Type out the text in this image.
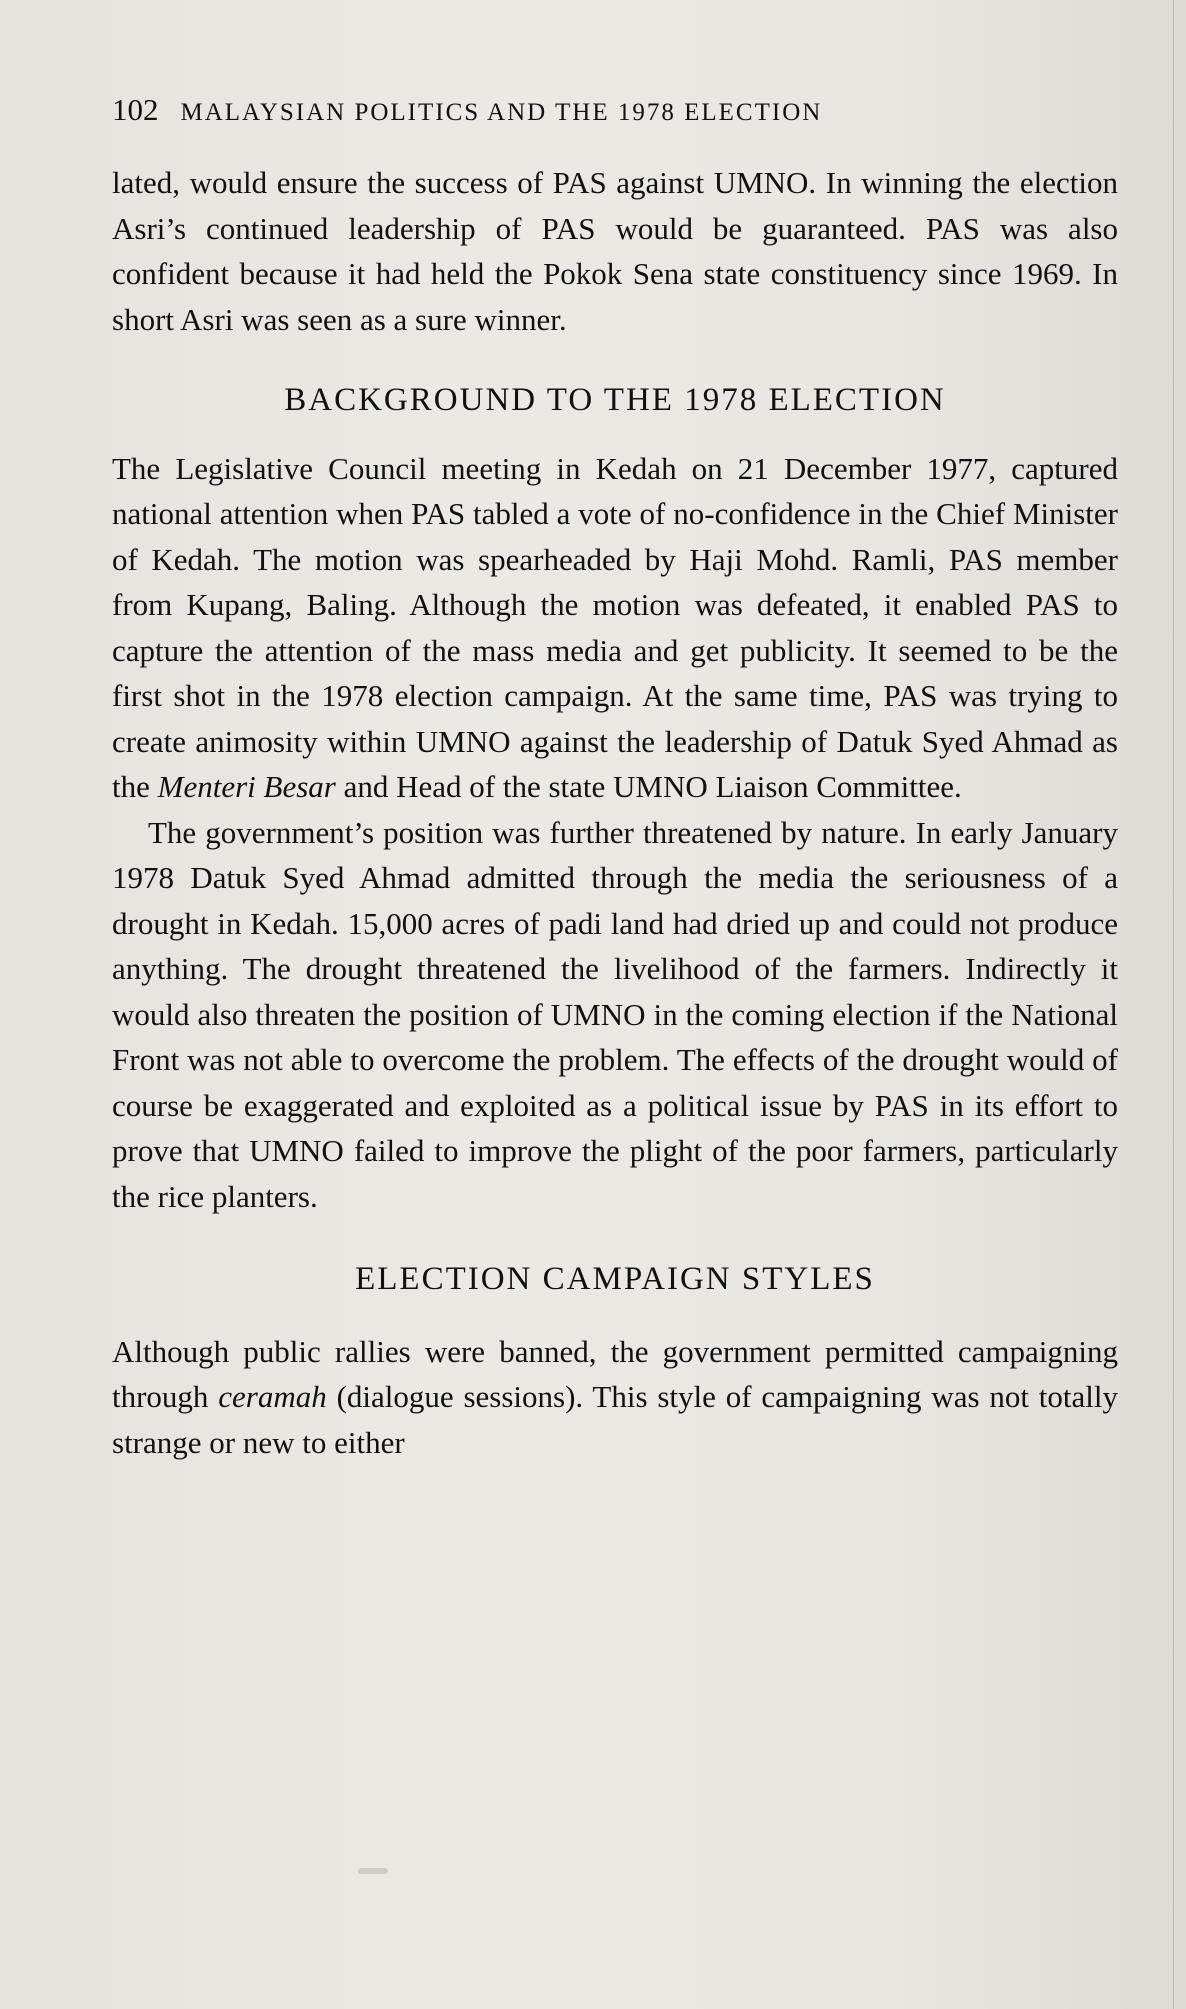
102 MALAYSIAN POLITICS AND THE 1978 ELECTION

lated, would ensure the success of PAS against UMNO. In winning the election Asri’s continued leadership of PAS would be guaranteed. PAS was also confident because it had held the Pokok Sena state constituency since 1969. In short Asri was seen as a sure winner.

BACKGROUND TO THE 1978 ELECTION

The Legislative Council meeting in Kedah on 21 December 1977, captured national attention when PAS tabled a vote of no-confidence in the Chief Minister of Kedah. The motion was spearheaded by Haji Mohd. Ramli, PAS member from Kupang, Baling. Although the motion was defeated, it enabled PAS to capture the attention of the mass media and get publicity. It seemed to be the first shot in the 1978 election campaign. At the same time, PAS was trying to create animosity within UMNO against the leadership of Datuk Syed Ahmad as the Menteri Besar and Head of the state UMNO Liaison Committee.

The government’s position was further threatened by nature. In early January 1978 Datuk Syed Ahmad admitted through the media the seriousness of a drought in Kedah. 15,000 acres of padi land had dried up and could not produce anything. The drought threatened the livelihood of the farmers. Indirectly it would also threaten the position of UMNO in the coming election if the National Front was not able to overcome the problem. The effects of the drought would of course be exaggerated and exploited as a political issue by PAS in its effort to prove that UMNO failed to improve the plight of the poor farmers, particularly the rice planters.

ELECTION CAMPAIGN STYLES

Although public rallies were banned, the government permitted campaigning through ceramah (dialogue sessions). This style of campaigning was not totally strange or new to either
